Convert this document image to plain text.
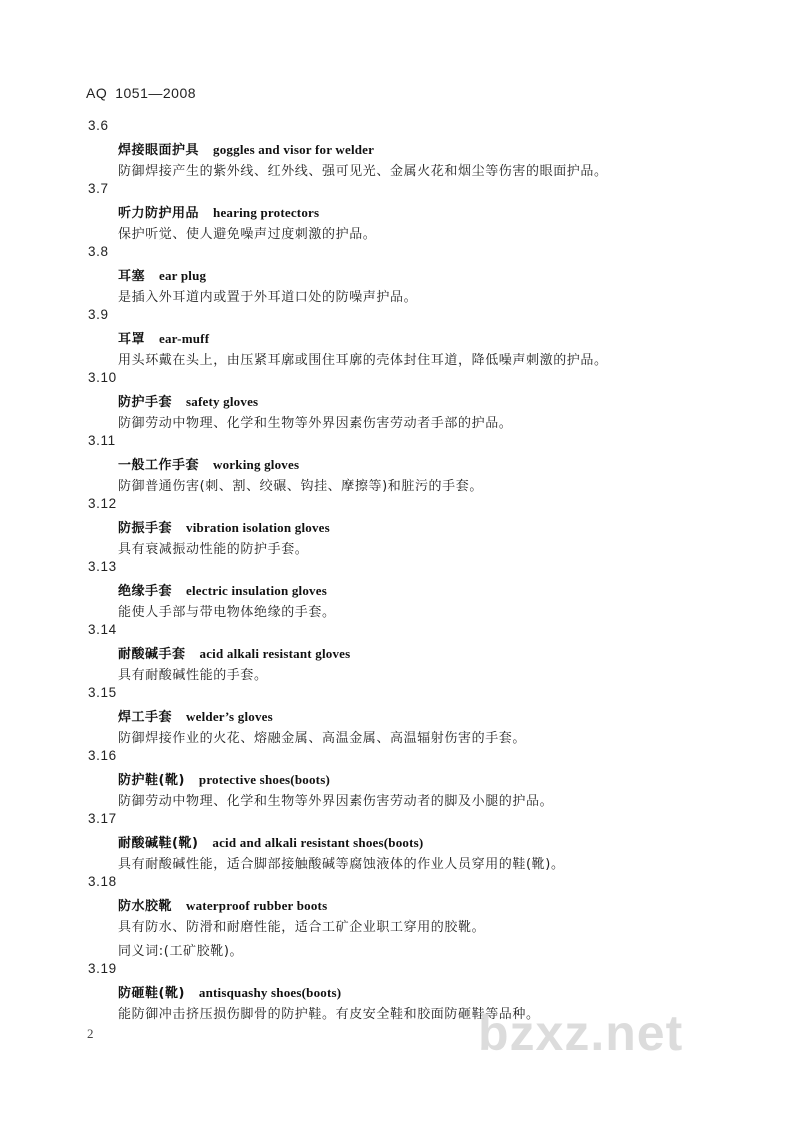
AQ 1051—2008
3.6
焊接眼面护具 goggles and visor for welder
防御焊接产生的紫外线、红外线、强可见光、金属火花和烟尘等伤害的眼面护品。
3.7
听力防护用品 hearing protectors
保护听觉、使人避免噪声过度刺激的护品。
3.8
耳塞 ear plug
是插入外耳道内或置于外耳道口处的防噪声护品。
3.9
耳罩 ear-muff
用头环戴在头上，由压紧耳廓或围住耳廓的壳体封住耳道，降低噪声刺激的护品。
3.10
防护手套 safety gloves
防御劳动中物理、化学和生物等外界因素伤害劳动者手部的护品。
3.11
一般工作手套 working gloves
防御普通伤害(刺、割、绞碾、钩挂、摩擦等)和脏污的手套。
3.12
防振手套 vibration isolation gloves
具有衰减振动性能的防护手套。
3.13
绝缘手套 electric insulation gloves
能使人手部与带电物体绝缘的手套。
3.14
耐酸碱手套 acid alkali resistant gloves
具有耐酸碱性能的手套。
3.15
焊工手套 welder’s gloves
防御焊接作业的火花、熔融金属、高温金属、高温辐射伤害的手套。
3.16
防护鞋(靴) protective shoes(boots)
防御劳动中物理、化学和生物等外界因素伤害劳动者的脚及小腿的护品。
3.17
耐酸碱鞋(靴) acid and alkali resistant shoes(boots)
具有耐酸碱性能，适合脚部接触酸碱等腐蚀液体的作业人员穿用的鞋(靴)。
3.18
防水胶靴 waterproof rubber boots
具有防水、防滑和耐磨性能，适合工矿企业职工穿用的胶靴。
同义词:(工矿胶靴)。
3.19
防砸鞋(靴) antisquashy shoes(boots)
能防御冲击挤压损伤脚骨的防护鞋。有皮安全鞋和胶面防砸鞋等品种。
2	bzxz.net
